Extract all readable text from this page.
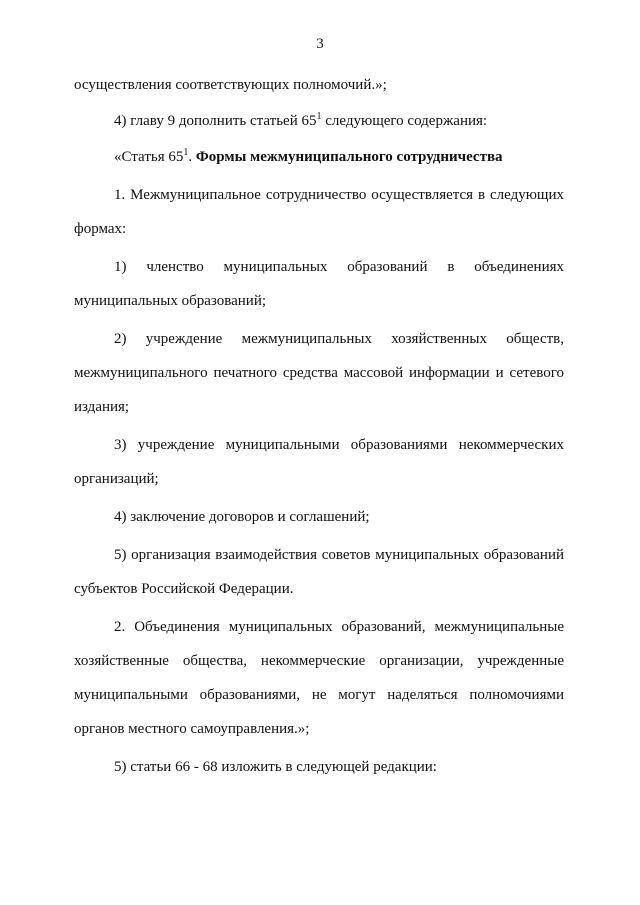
3

осуществления соответствующих полномочий.»;

4) главу 9 дополнить статьей $65^1$ следующего содержания:

«Статья $65^1$. Формы межмуниципального сотрудничества

1. Межмуниципальное сотрудничество осуществляется в следующих формах:

1) членство муниципальных образований в объединениях муниципальных образований;

2) учреждение межмуниципальных хозяйственных обществ, межмуниципального печатного средства массовой информации и сетевого издания;

3) учреждение муниципальными образованиями некоммерческих организаций;

4) заключение договоров и соглашений;

5) организация взаимодействия советов муниципальных образований субъектов Российской Федерации.

2. Объединения муниципальных образований, межмуниципальные хозяйственные общества, некоммерческие организации, учрежденные муниципальными образованиями, не могут наделяться полномочиями органов местного самоуправления.»;

5) статьи 66 - 68 изложить в следующей редакции:
